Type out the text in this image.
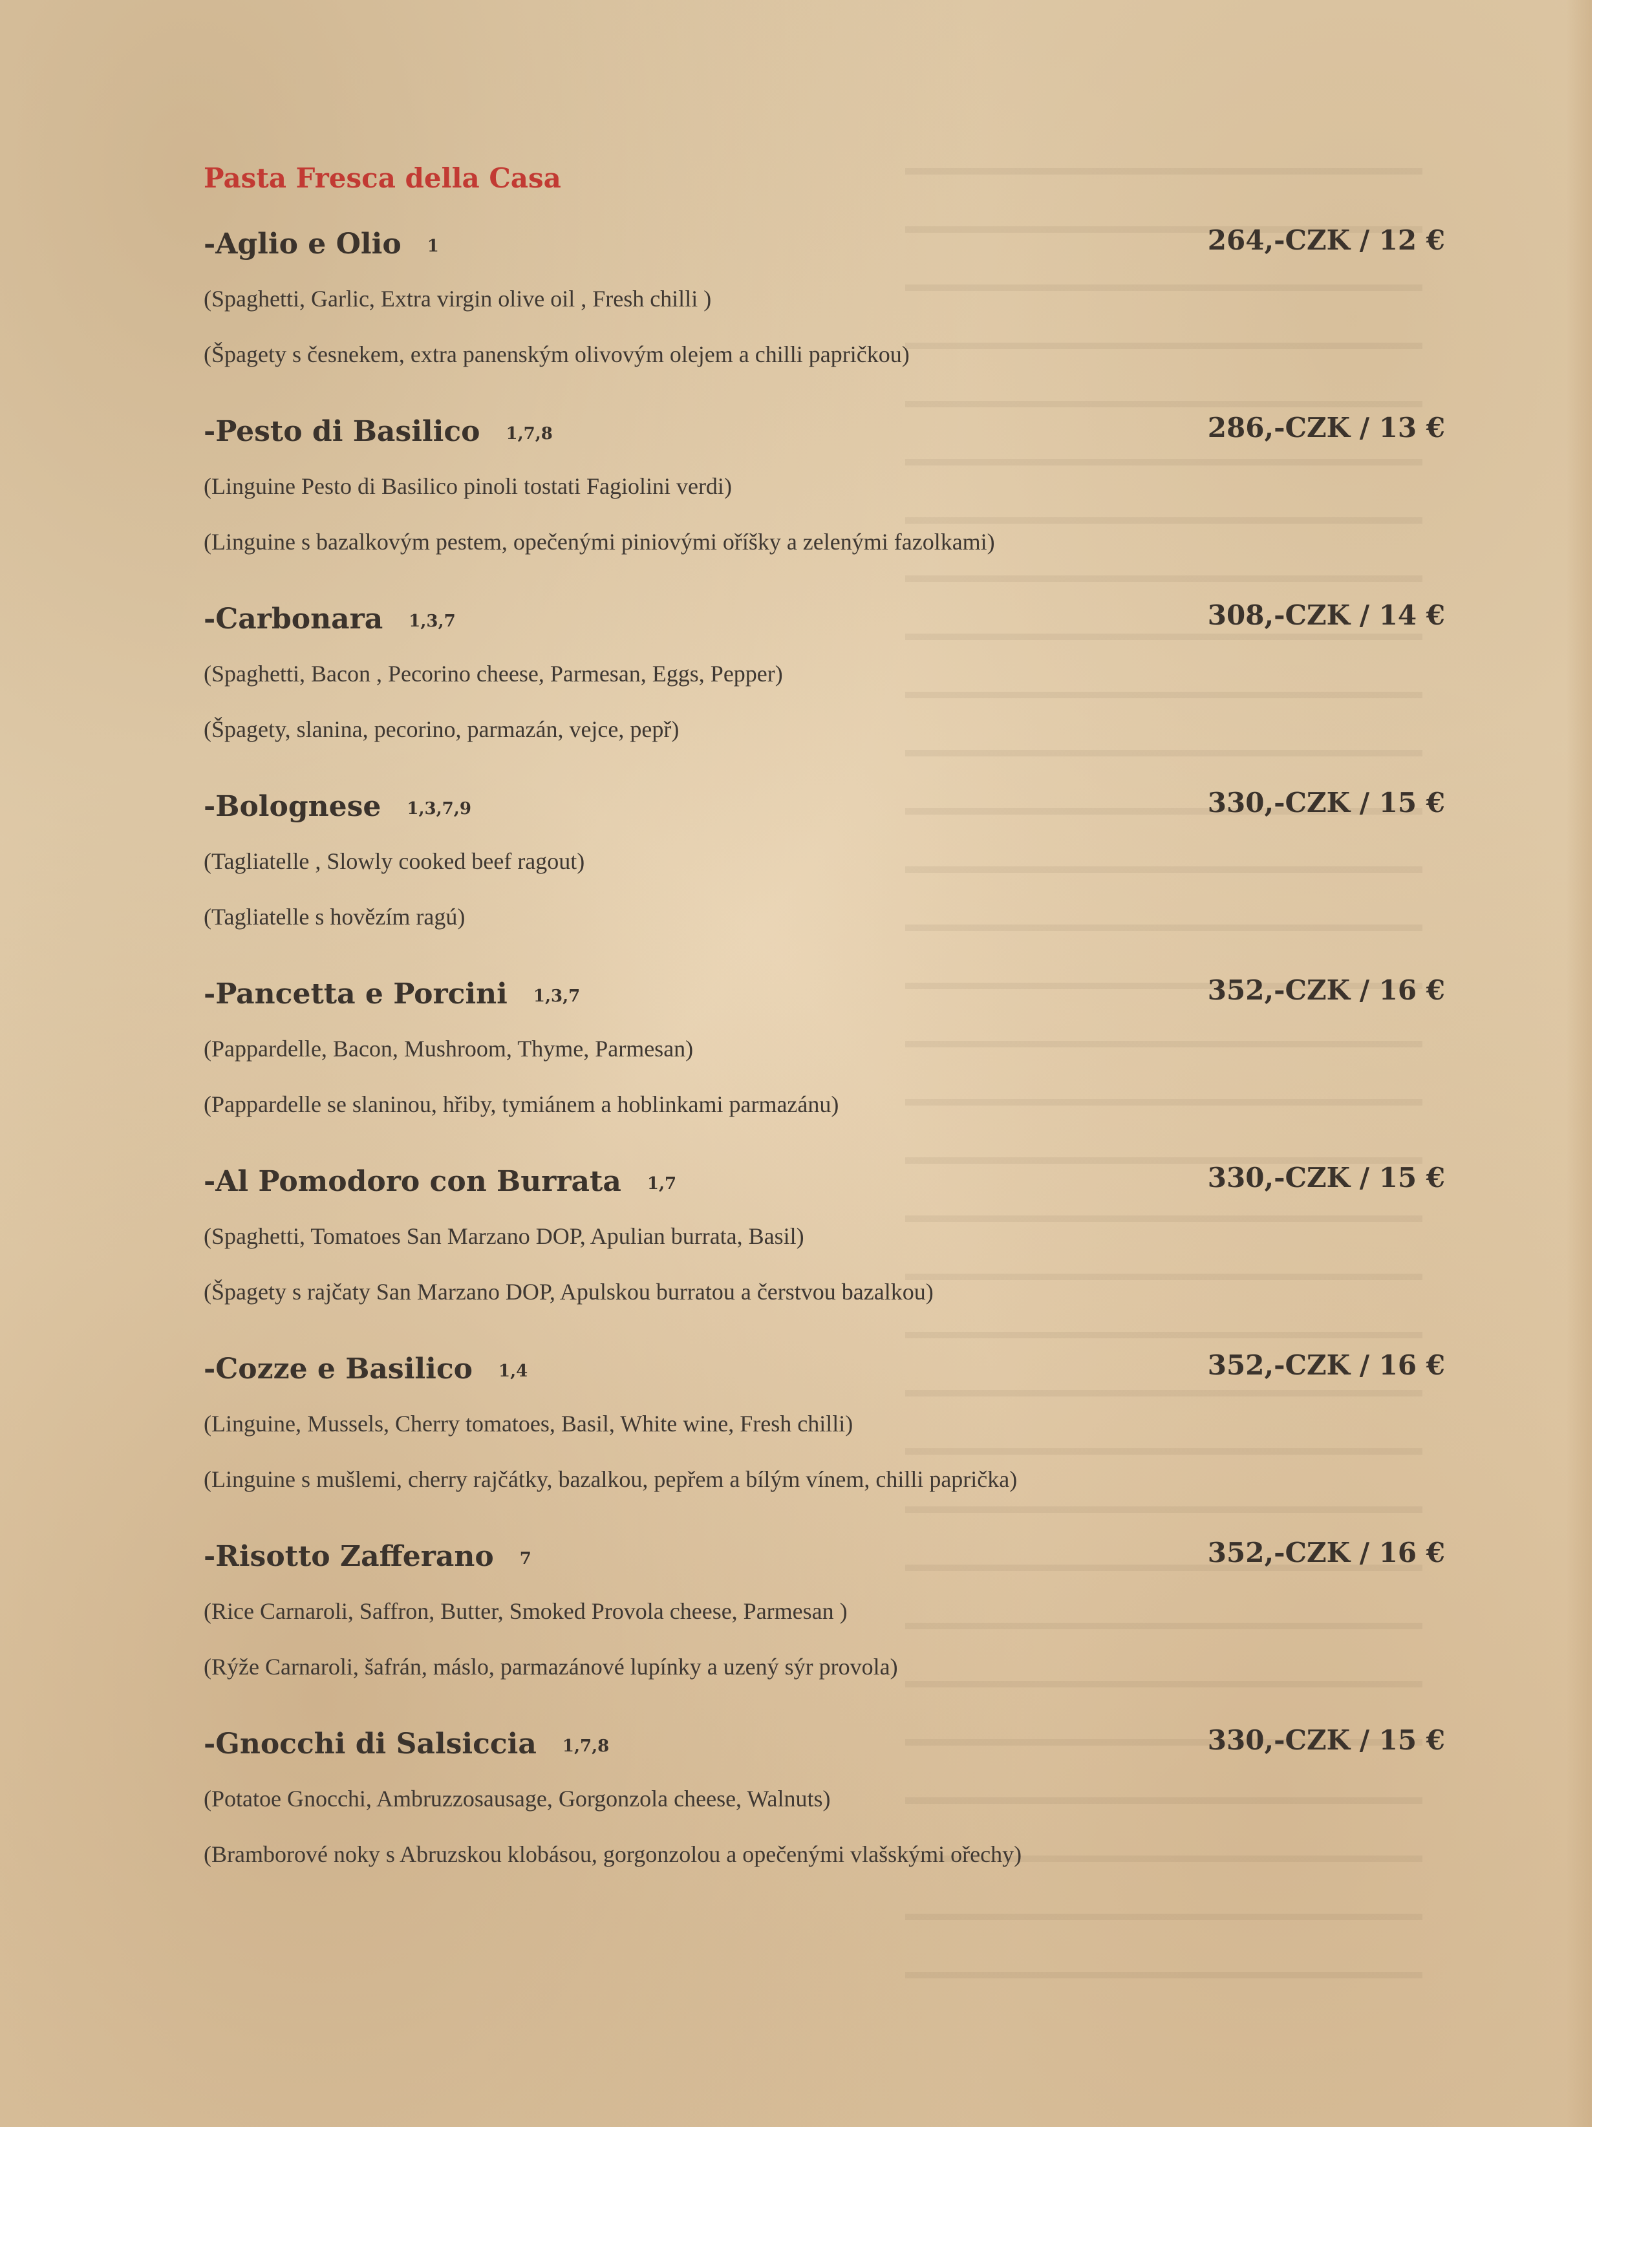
Pasta Fresca della Casa
-Aglio e Olio 1	264,-CZK / 12 €

(Spaghetti, Garlic, Extra virgin olive oil , Fresh chilli )

(Špagety s česnekem, extra panenským olivovým olejem a chilli papričkou)

-Pesto di Basilico 1,7,8	286,-CZK / 13 €

(Linguine Pesto di Basilico pinoli tostati Fagiolini verdi)

(Linguine s bazalkovým pestem, opečenými piniovými oříšky a zelenými fazolkami)

-Carbonara 1,3,7	308,-CZK / 14 €

(Spaghetti, Bacon , Pecorino cheese, Parmesan, Eggs, Pepper)

(Špagety, slanina, pecorino, parmazán, vejce, pepř)

-Bolognese 1,3,7,9	330,-CZK / 15 €

(Tagliatelle , Slowly cooked beef ragout)

(Tagliatelle s hovězím ragú)

-Pancetta e Porcini 1,3,7	352,-CZK / 16 €

(Pappardelle, Bacon, Mushroom, Thyme, Parmesan)

(Pappardelle se slaninou, hřiby, tymiánem a hoblinkami parmazánu)

-Al Pomodoro con Burrata 1,7	330,-CZK / 15 €

(Spaghetti, Tomatoes San Marzano DOP, Apulian burrata, Basil)

(Špagety s rajčaty San Marzano DOP, Apulskou burratou a čerstvou bazalkou)

-Cozze e Basilico 1,4	352,-CZK / 16 €

(Linguine, Mussels, Cherry tomatoes, Basil, White wine, Fresh chilli)

(Linguine s mušlemi, cherry rajčátky, bazalkou, pepřem a bílým vínem, chilli paprička)

-Risotto Zafferano 7	352,-CZK / 16 €

(Rice Carnaroli, Saffron, Butter, Smoked Provola cheese, Parmesan )

(Rýže Carnaroli, šafrán, máslo, parmazánové lupínky a uzený sýr provola)

-Gnocchi di Salsiccia 1,7,8	330,-CZK / 15 €

(Potatoe Gnocchi, Ambruzzosausage, Gorgonzola cheese, Walnuts)

(Bramborové noky s Abruzskou klobásou, gorgonzolou a opečenými vlašskými ořechy)
